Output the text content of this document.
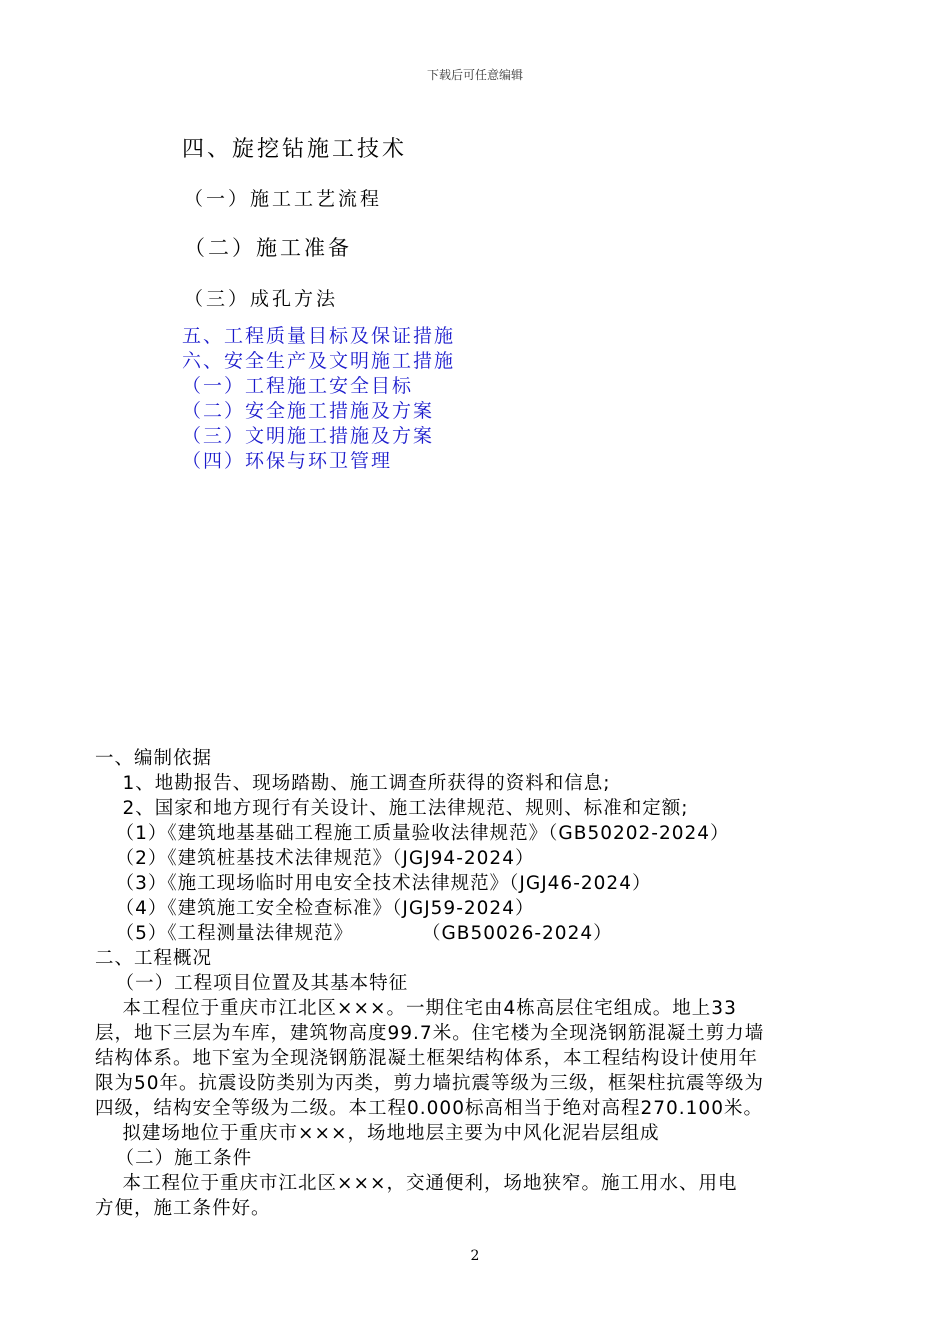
下载后可任意编辑
四、旋挖钻施工技术
（一）施工工艺流程
（二）施工准备
（三）成孔方法
五、工程质量目标及保证措施
六、安全生产及文明施工措施
（一）工程施工安全目标
（二）安全施工措施及方案
（三）文明施工措施及方案
（四）环保与环卫管理
一、编制依据
1、地勘报告、现场踏勘、施工调查所获得的资料和信息;
2、国家和地方现行有关设计、施工法律规范、规则、标准和定额;
（1）《建筑地基基础工程施工质量验收法律规范》（GB50202-2024）
（2）《建筑桩基技术法律规范》（JGJ94-2024）
（3）《施工现场临时用电安全技术法律规范》（JGJ46-2024）
（4）《建筑施工安全检查标准》（JGJ59-2024）
（5）《工程测量法律规范》          （GB50026-2024）
二、工程概况
（一）工程项目位置及其基本特征
本工程位于重庆市江北区×××。一期住宅由4栋高层住宅组成。地上33
层，地下三层为车库，建筑物高度99.7米。住宅楼为全现浇钢筋混凝土剪力墙
结构体系。地下室为全现浇钢筋混凝土框架结构体系，本工程结构设计使用年
限为50年。抗震设防类别为丙类，剪力墙抗震等级为三级，框架柱抗震等级为
四级，结构安全等级为二级。本工程0.000标高相当于绝对高程270.100米。
拟建场地位于重庆市×××，场地地层主要为中风化泥岩层组成
（二）施工条件
本工程位于重庆市江北区×××，交通便利，场地狭窄。施工用水、用电
方便，施工条件好。
2
